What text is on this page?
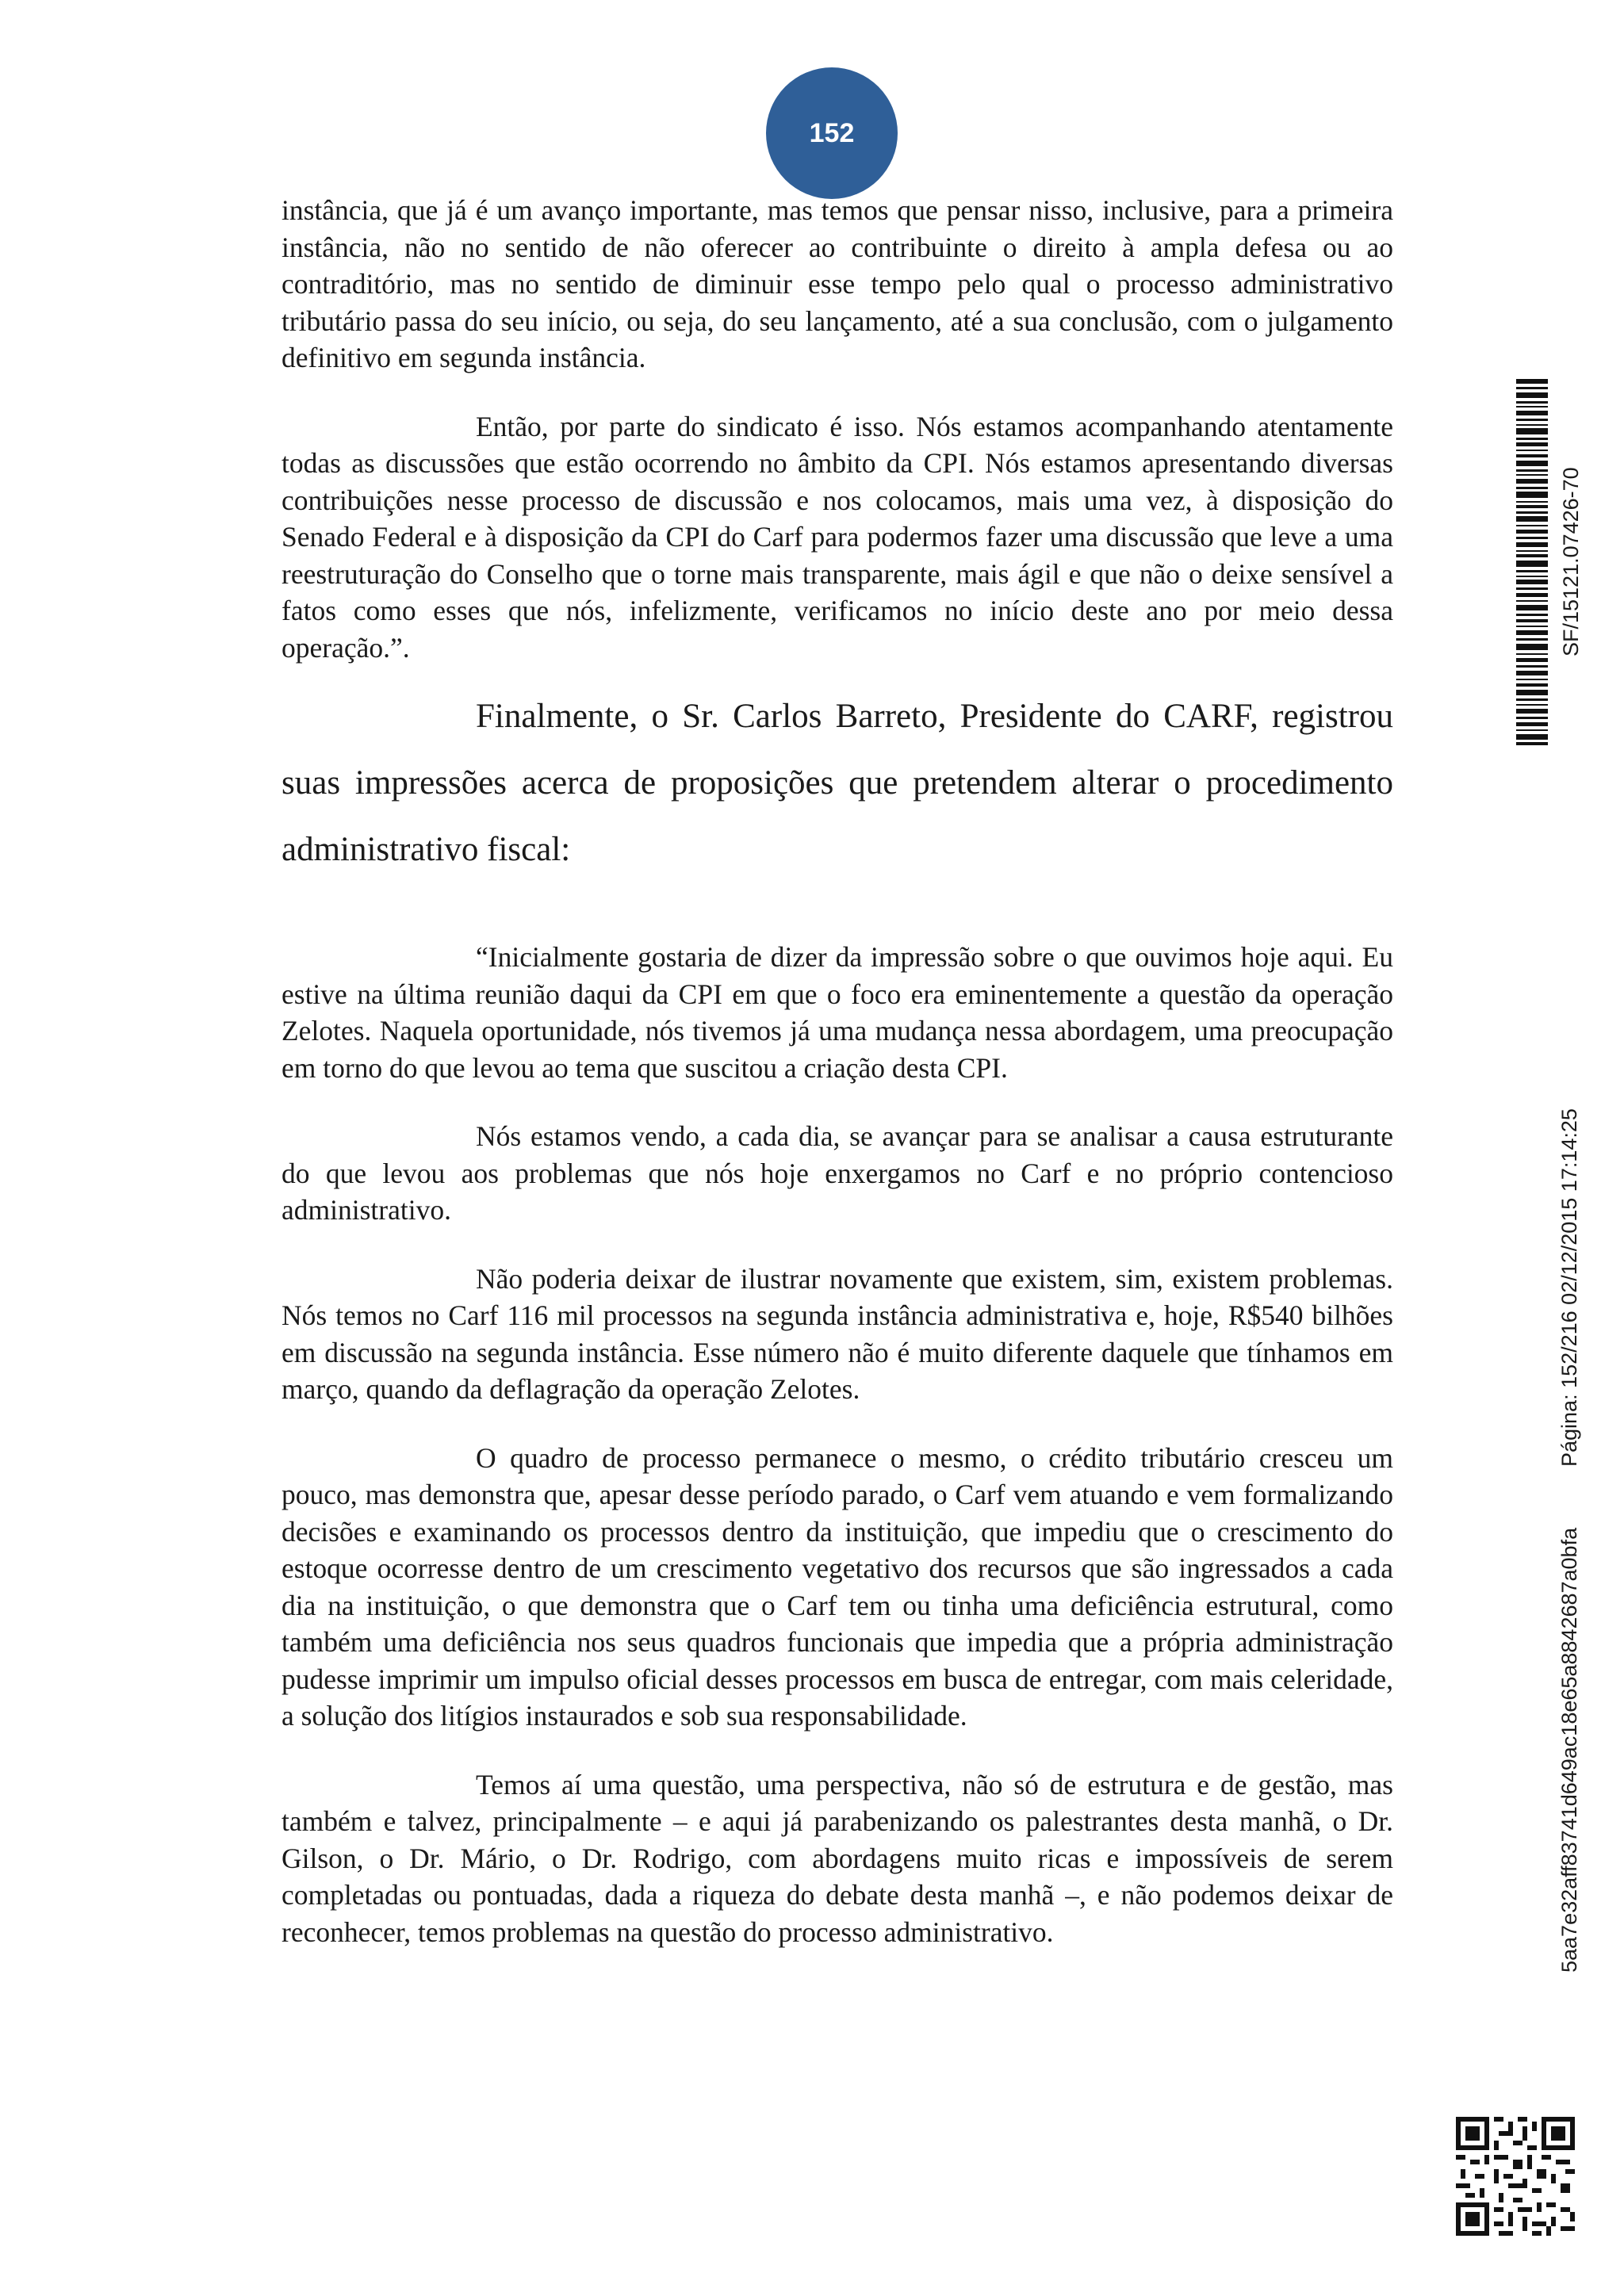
152

instância, que já é um avanço importante, mas temos que pensar nisso, inclusive, para a primeira instância, não no sentido de não oferecer ao contribuinte o direito à ampla defesa ou ao contraditório, mas no sentido de diminuir esse tempo pelo qual o processo administrativo tributário passa do seu início, ou seja, do seu lançamento, até a sua conclusão, com o julgamento definitivo em segunda instância.

Então, por parte do sindicato é isso. Nós estamos acompanhando atentamente todas as discussões que estão ocorrendo no âmbito da CPI. Nós estamos apresentando diversas contribuições nesse processo de discussão e nos colocamos, mais uma vez, à disposição do Senado Federal e à disposição da CPI do Carf para podermos fazer uma discussão que leve a uma reestruturação do Conselho que o torne mais transparente, mais ágil e que não o deixe sensível a fatos como esses que nós, infelizmente, verificamos no início deste ano por meio dessa operação.”.

Finalmente, o Sr. Carlos Barreto, Presidente do CARF, registrou suas impressões acerca de proposições que pretendem alterar o procedimento administrativo fiscal:

“Inicialmente gostaria de dizer da impressão sobre o que ouvimos hoje aqui. Eu estive na última reunião daqui da CPI em que o foco era eminentemente a questão da operação Zelotes. Naquela oportunidade, nós tivemos já uma mudança nessa abordagem, uma preocupação em torno do que levou ao tema que suscitou a criação desta CPI.

Nós estamos vendo, a cada dia, se avançar para se analisar a causa estruturante do que levou aos problemas que nós hoje enxergamos no Carf e no próprio contencioso administrativo.

Não poderia deixar de ilustrar novamente que existem, sim, existem problemas. Nós temos no Carf 116 mil processos na segunda instância administrativa e, hoje, R$540 bilhões em discussão na segunda instância. Esse número não é muito diferente daquele que tínhamos em março, quando da deflagração da operação Zelotes.

O quadro de processo permanece o mesmo, o crédito tributário cresceu um pouco, mas demonstra que, apesar desse período parado, o Carf vem atuando e vem formalizando decisões e examinando os processos dentro da instituição, que impediu que o crescimento do estoque ocorresse dentro de um crescimento vegetativo dos recursos que são ingressados a cada dia na instituição, o que demonstra que o Carf tem ou tinha uma deficiência estrutural, como também uma deficiência nos seus quadros funcionais que impedia que a própria administração pudesse imprimir um impulso oficial desses processos em busca de entregar, com mais celeridade, a solução dos litígios instaurados e sob sua responsabilidade.

Temos aí uma questão, uma perspectiva, não só de estrutura e de gestão, mas também e talvez, principalmente – e aqui já parabenizando os palestrantes desta manhã, o Dr. Gilson, o Dr. Mário, o Dr. Rodrigo, com abordagens muito ricas e impossíveis de serem completadas ou pontuadas, dada a riqueza do debate desta manhã –, e não podemos deixar de reconhecer, temos problemas na questão do processo administrativo.

SF/15121.07426-70
Página: 152/216 02/12/2015 17:14:25
5aa7e32aff83741d649ac18e65a8842687a0bfa
